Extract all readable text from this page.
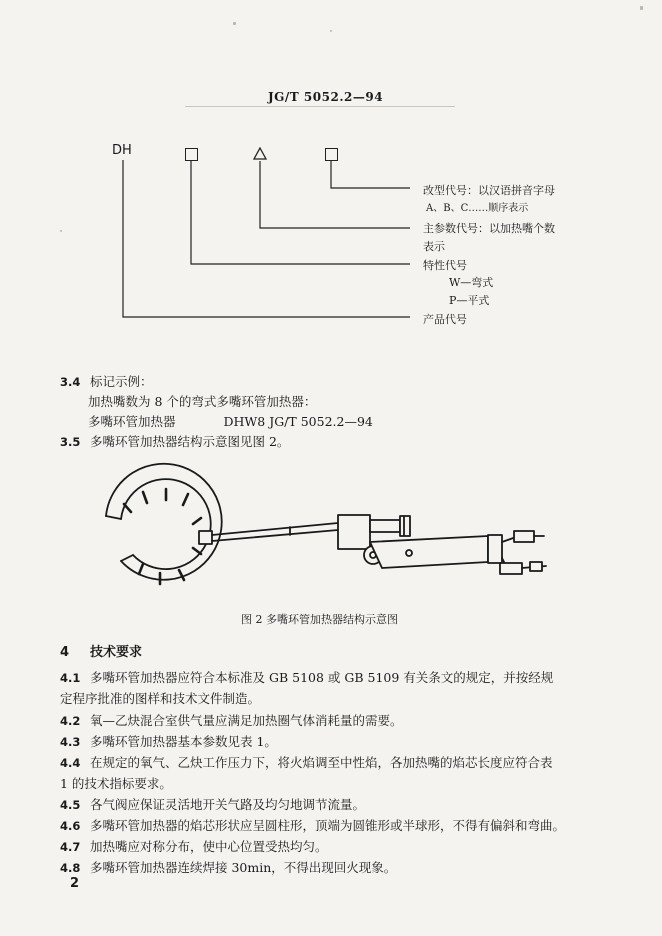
JG/T 5052.2—94
DH
改型代号：以汉语拼音字母
A、B、C……顺序表示
主参数代号：以加热嘴个数
表示
特性代号
W—弯式
P—平式
产品代号
3.4 标记示例：
加热嘴数为 8 个的弯式多嘴环管加热器：
多嘴环管加热器	DHW8 JG/T 5052.2—94
3.5 多嘴环管加热器结构示意图见图 2。
图 2 多嘴环管加热器结构示意图
4 技术要求
4.1 多嘴环管加热器应符合本标准及 GB 5108 或 GB 5109 有关条文的规定，并按经规
定程序批准的图样和技术文件制造。
4.2 氧—乙炔混合室供气量应满足加热圈气体消耗量的需要。
4.3 多嘴环管加热器基本参数见表 1。
4.4 在规定的氧气、乙炔工作压力下，将火焰调至中性焰，各加热嘴的焰芯长度应符合表
1 的技术指标要求。
4.5 各气阀应保证灵活地开关气路及均匀地调节流量。
4.6 多嘴环管加热器的焰芯形状应呈圆柱形，顶端为圆锥形或半球形，不得有偏斜和弯曲。
4.7 加热嘴应对称分布，使中心位置受热均匀。
4.8 多嘴环管加热器连续焊接 30min，不得出现回火现象。
2
